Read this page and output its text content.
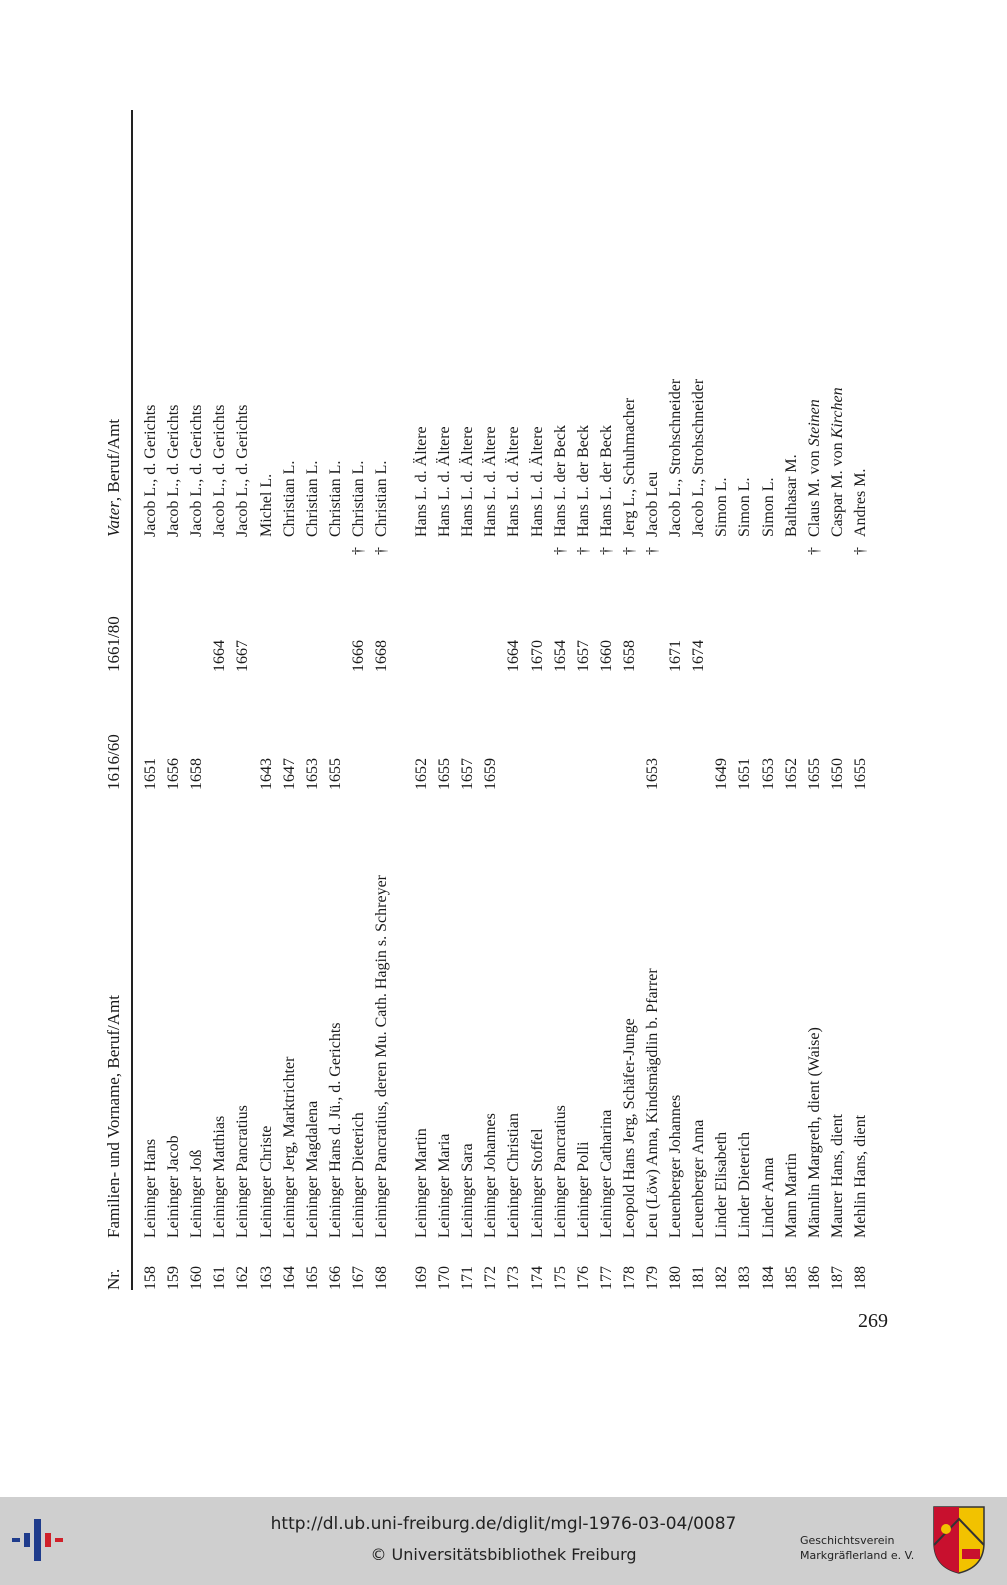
Nr.
Familien- und Vorname, Beruf/Amt
1616/60
1661/80
Vater, Beruf/Amt
158
Leininger Hans
1651
Jacob L., d. Gerichts
159
Leininger Jacob
1656
Jacob L., d. Gerichts
160
Leininger Joß
1658
Jacob L., d. Gerichts
161
Leininger Matthias
1664
Jacob L., d. Gerichts
162
Leininger Pancratius
1667
Jacob L., d. Gerichts
163
Leininger Christe
1643
Michel L.
164
Leininger Jerg, Marktrichter
1647
Christian L.
165
Leininger Magdalena
1653
Christian L.
166
Leininger Hans d. Jü., d. Gerichts
1655
Christian L.
167
Leininger Dieterich
1666
†
Christian L.
168
Leininger Pancratius, deren Mu. Cath. Hagin s. Schreyer
1668
†
Christian L.
169
Leininger Martin
1652
Hans L. d. Ältere
170
Leininger Maria
1655
Hans L. d. Ältere
171
Leininger Sara
1657
Hans L. d. Ältere
172
Leininger Johannes
1659
Hans L. d. Ältere
173
Leininger Christian
1664
Hans L. d. Ältere
174
Leininger Stoffel
1670
Hans L. d. Ältere
175
Leininger Pancratius
1654
†
Hans L. der Beck
176
Leininger Polli
1657
†
Hans L. der Beck
177
Leininger Catharina
1660
†
Hans L. der Beck
178
Leopold Hans Jerg, Schäfer-Junge
1658
†
Jerg L., Schuhmacher
179
Leu (Löw) Anna, Kindsmägdlin b. Pfarrer
1653
†
Jacob Leu
180
Leuenberger Johannes
1671
Jacob L., Strohschneider
181
Leuenberger Anna
1674
Jacob L., Strohschneider
182
Linder Elisabeth
1649
Simon L.
183
Linder Dieterich
1651
Simon L.
184
Linder Anna
1653
Simon L.
185
Mann Martin
1652
Balthasar M.
186
Männlin Margreth, dient (Waise)
1655
†
Claus M. von Steinen
187
Maurer Hans, dient
1650
Caspar M. von Kirchen
188
Mehlin Hans, dient
1655
†
Andres M.
269
http://dl.ub.uni-freiburg.de/diglit/mgl-1976-03-04/0087
© Universitätsbibliothek Freiburg
Geschichtsverein
Markgräflerland e. V.
